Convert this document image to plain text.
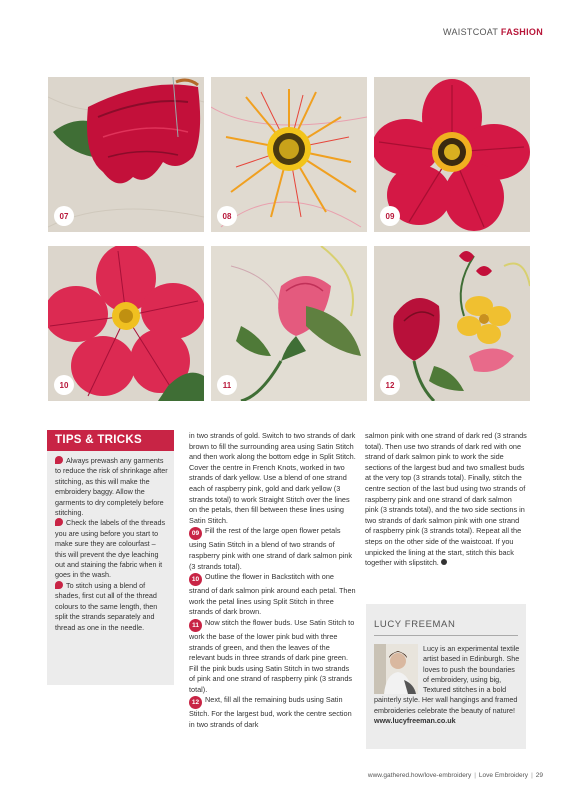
WAISTCOAT FASHION
07	08	09
10	11	12
TIPS & TRICKS

Always prewash any garments to reduce the risk of shrinkage after stitching, as this will make the embroidery baggy. Allow the garments to dry completely before stitching.

Check the labels of the threads you are using before you start to make sure they are colourfast – this will prevent the dye leaching out and staining the fabric when it goes in the wash.

To stitch using a blend of shades, first cut all of the thread colours to the same length, then split the strands separately and thread as one in the needle.

in two strands of gold. Switch to two strands of dark brown to fill the surrounding area using Satin Stitch and then work along the bottom edge in Split Stitch. Cover the centre in French Knots, worked in two strands of dark yellow. Use a blend of one strand each of raspberry pink, gold and dark yellow (3 strands total) to work Straight Stitch over the lines on the petals, then fill between these lines using Satin Stitch.

09 Fill the rest of the large open flower petals using Satin Stitch in a blend of two strands of raspberry pink with one strand of dark salmon pink (3 strands total).

10 Outline the flower in Backstitch with one strand of dark salmon pink around each petal. Then work the petal lines using Split Stitch in three strands of dark brown.

11 Now stitch the flower buds. Use Satin Stitch to work the base of the lower pink bud with three strands of green, and then the leaves of the relevant buds in three strands of dark pine green. Fill the pink buds using Satin Stitch in two strands of pink and one strand of raspberry pink (3 strands total).

12 Next, fill all the remaining buds using Satin Stitch. For the largest bud, work the centre section in two strands of dark

salmon pink with one strand of dark red (3 strands total). Then use two strands of dark red with one strand of dark salmon pink to work the side sections of the largest bud and two smallest buds at the very top (3 strands total). Finally, stitch the centre section of the last bud using two strands of raspberry pink and one strand of dark salmon pink (3 strands total), and the two side sections in two strands of dark salmon pink with one strand of raspberry pink (3 strands total). Repeat all the steps on the other side of the waistcoat. If you unpicked the lining at the start, stitch this back together with slipstitch.

LUCY FREEMAN
Lucy is an experimental textile artist based in Edinburgh. She loves to push the boundaries of embroidery, using big, Textured stitches in a bold painterly style. Her wall hangings and framed embroideries celebrate the beauty of nature!
www.lucyfreeman.co.uk
www.gathered.how/love-embroidery | Love Embroidery | 29
